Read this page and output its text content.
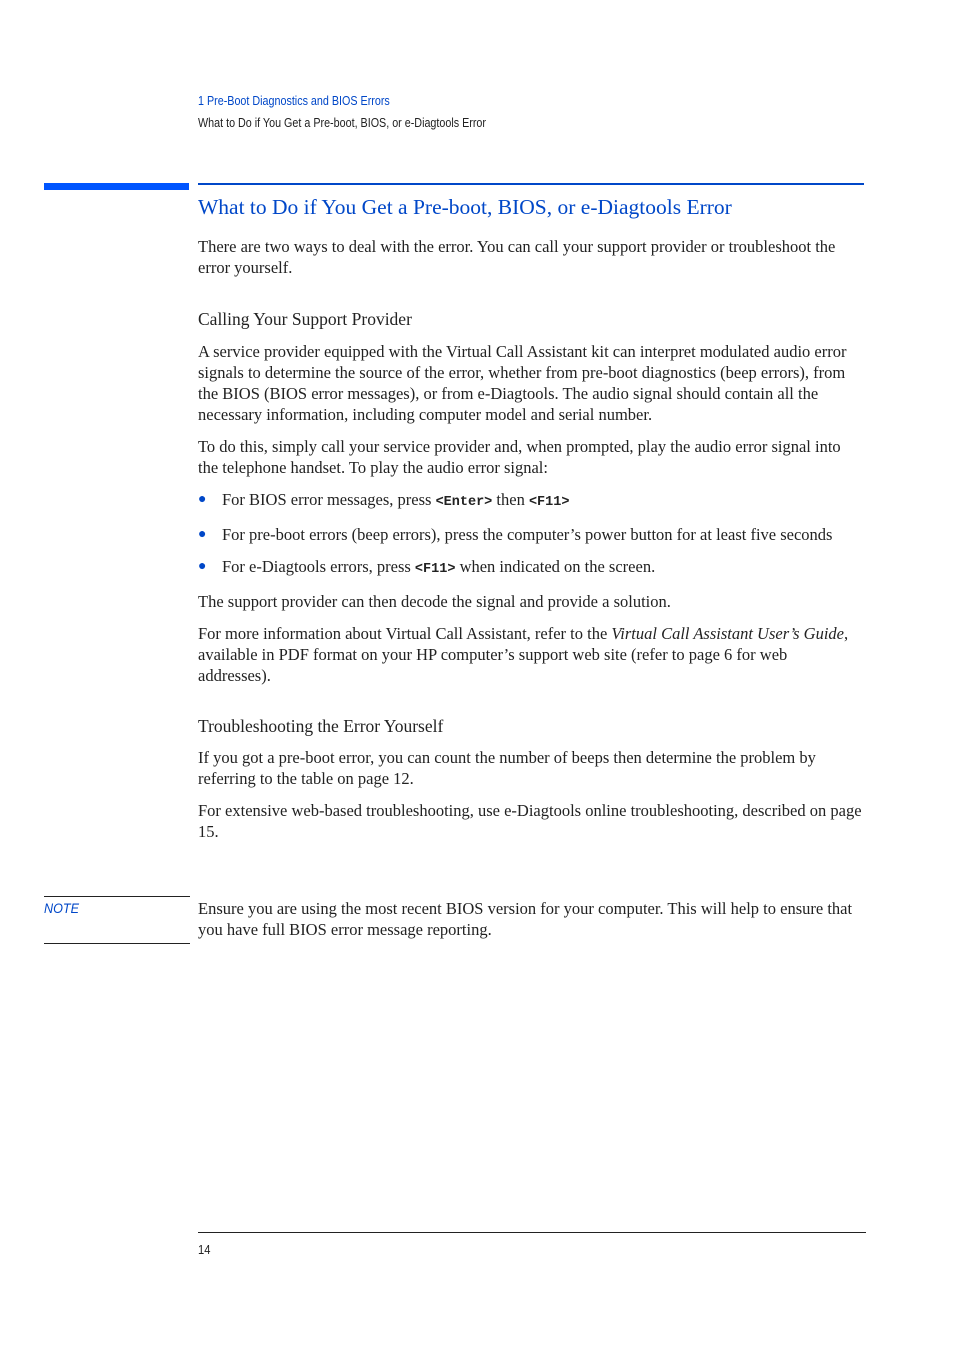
1 Pre-Boot Diagnostics and BIOS Errors
What to Do if You Get a Pre-boot, BIOS, or e-Diagtools Error
What to Do if You Get a Pre-boot, BIOS, or e-Diagtools Error

There are two ways to deal with the error. You can call your support provider or troubleshoot the error yourself.

Calling Your Support Provider

A service provider equipped with the Virtual Call Assistant kit can interpret modulated audio error signals to determine the source of the error, whether from pre-boot diagnostics (beep errors), from the BIOS (BIOS error messages), or from e-Diagtools. The audio signal should contain all the necessary information, including computer model and serial number.

To do this, simply call your service provider and, when prompted, play the audio error signal into the telephone handset. To play the audio error signal:

● For BIOS error messages, press <Enter> then <F11>
● For pre-boot errors (beep errors), press the computer’s power button for at least five seconds
● For e-Diagtools errors, press <F11> when indicated on the screen.

The support provider can then decode the signal and provide a solution.

For more information about Virtual Call Assistant, refer to the Virtual Call Assistant User’s Guide, available in PDF format on your HP computer’s support web site (refer to page 6 for web addresses).

Troubleshooting the Error Yourself

If you got a pre-boot error, you can count the number of beeps then determine the problem by referring to the table on page 12.

For extensive web-based troubleshooting, use e-Diagtools online troubleshooting, described on page 15.

NOTE	Ensure you are using the most recent BIOS version for your computer. This will help to ensure that you have full BIOS error message reporting.

14
